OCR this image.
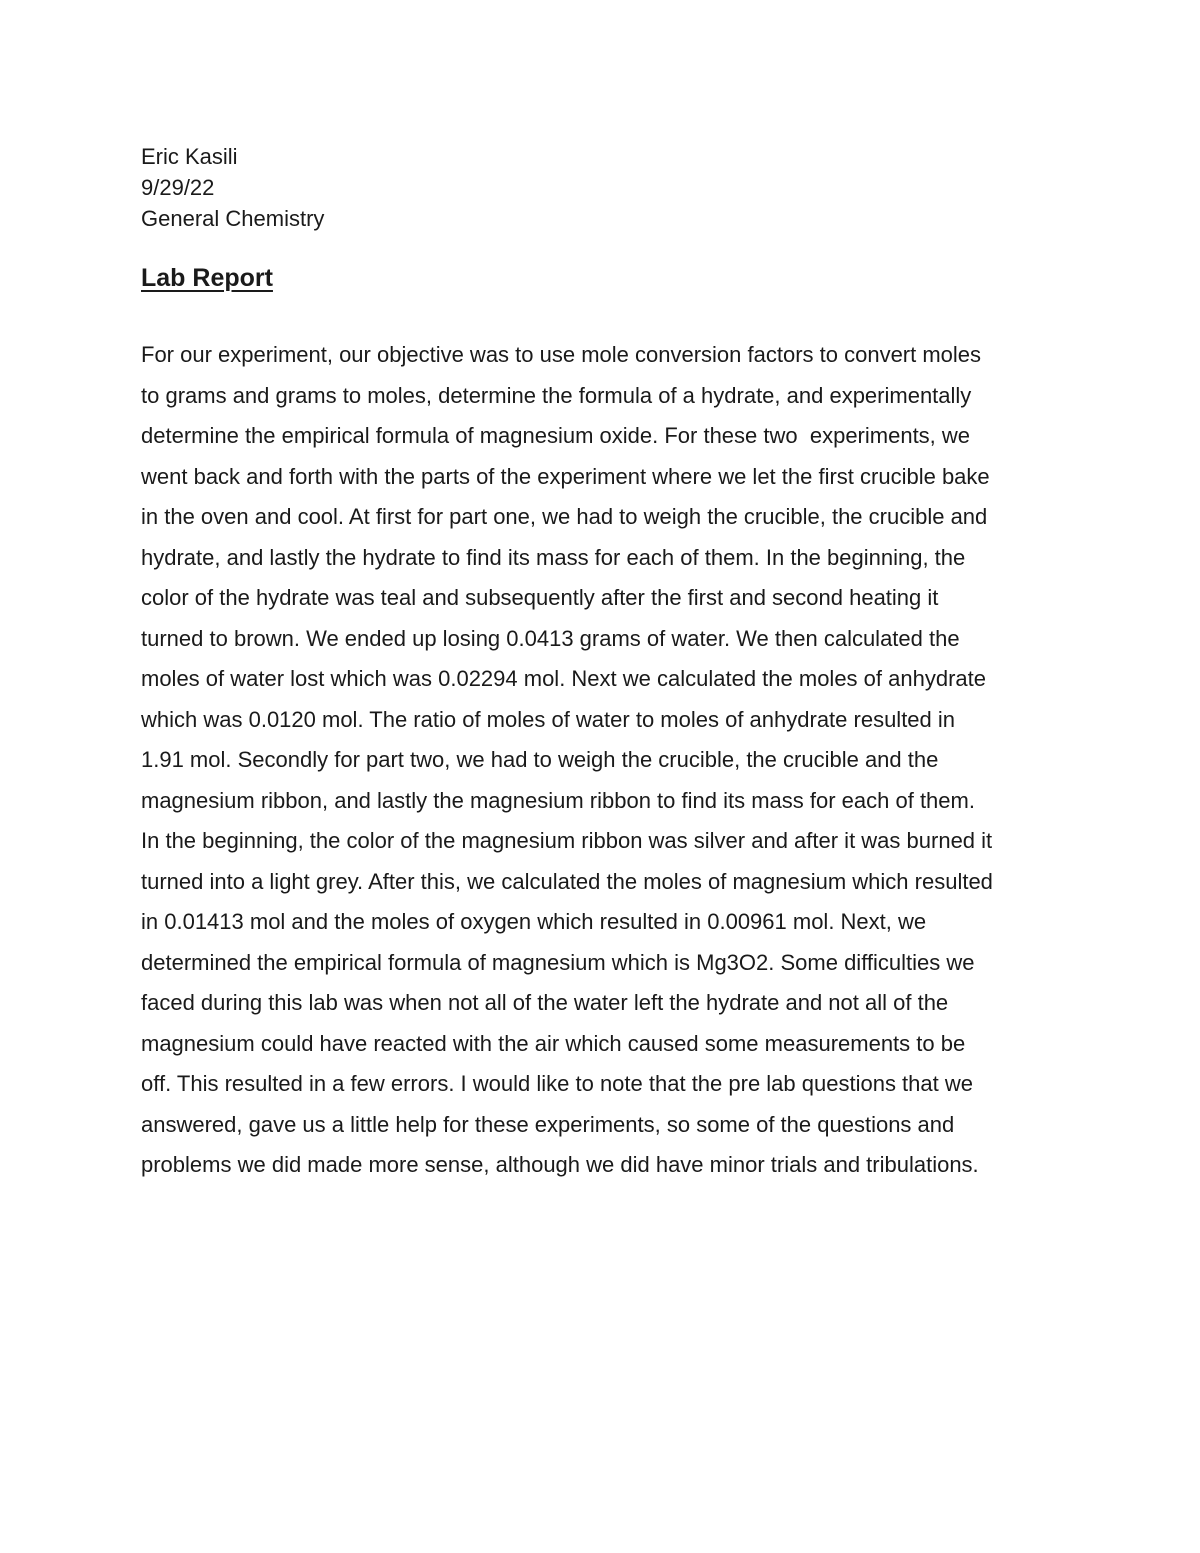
Eric Kasili
9/29/22
General Chemistry
Lab Report
For our experiment, our objective was to use mole conversion factors to convert moles
to grams and grams to moles, determine the formula of a hydrate, and experimentally
determine the empirical formula of magnesium oxide. For these two  experiments, we
went back and forth with the parts of the experiment where we let the first crucible bake
in the oven and cool. At first for part one, we had to weigh the crucible, the crucible and
hydrate, and lastly the hydrate to find its mass for each of them. In the beginning, the
color of the hydrate was teal and subsequently after the first and second heating it
turned to brown. We ended up losing 0.0413 grams of water. We then calculated the
moles of water lost which was 0.02294 mol. Next we calculated the moles of anhydrate
which was 0.0120 mol. The ratio of moles of water to moles of anhydrate resulted in
1.91 mol. Secondly for part two, we had to weigh the crucible, the crucible and the
magnesium ribbon, and lastly the magnesium ribbon to find its mass for each of them.
In the beginning, the color of the magnesium ribbon was silver and after it was burned it
turned into a light grey. After this, we calculated the moles of magnesium which resulted
in 0.01413 mol and the moles of oxygen which resulted in 0.00961 mol. Next, we
determined the empirical formula of magnesium which is Mg3O2. Some difficulties we
faced during this lab was when not all of the water left the hydrate and not all of the
magnesium could have reacted with the air which caused some measurements to be
off. This resulted in a few errors. I would like to note that the pre lab questions that we
answered, gave us a little help for these experiments, so some of the questions and
problems we did made more sense, although we did have minor trials and tribulations.
